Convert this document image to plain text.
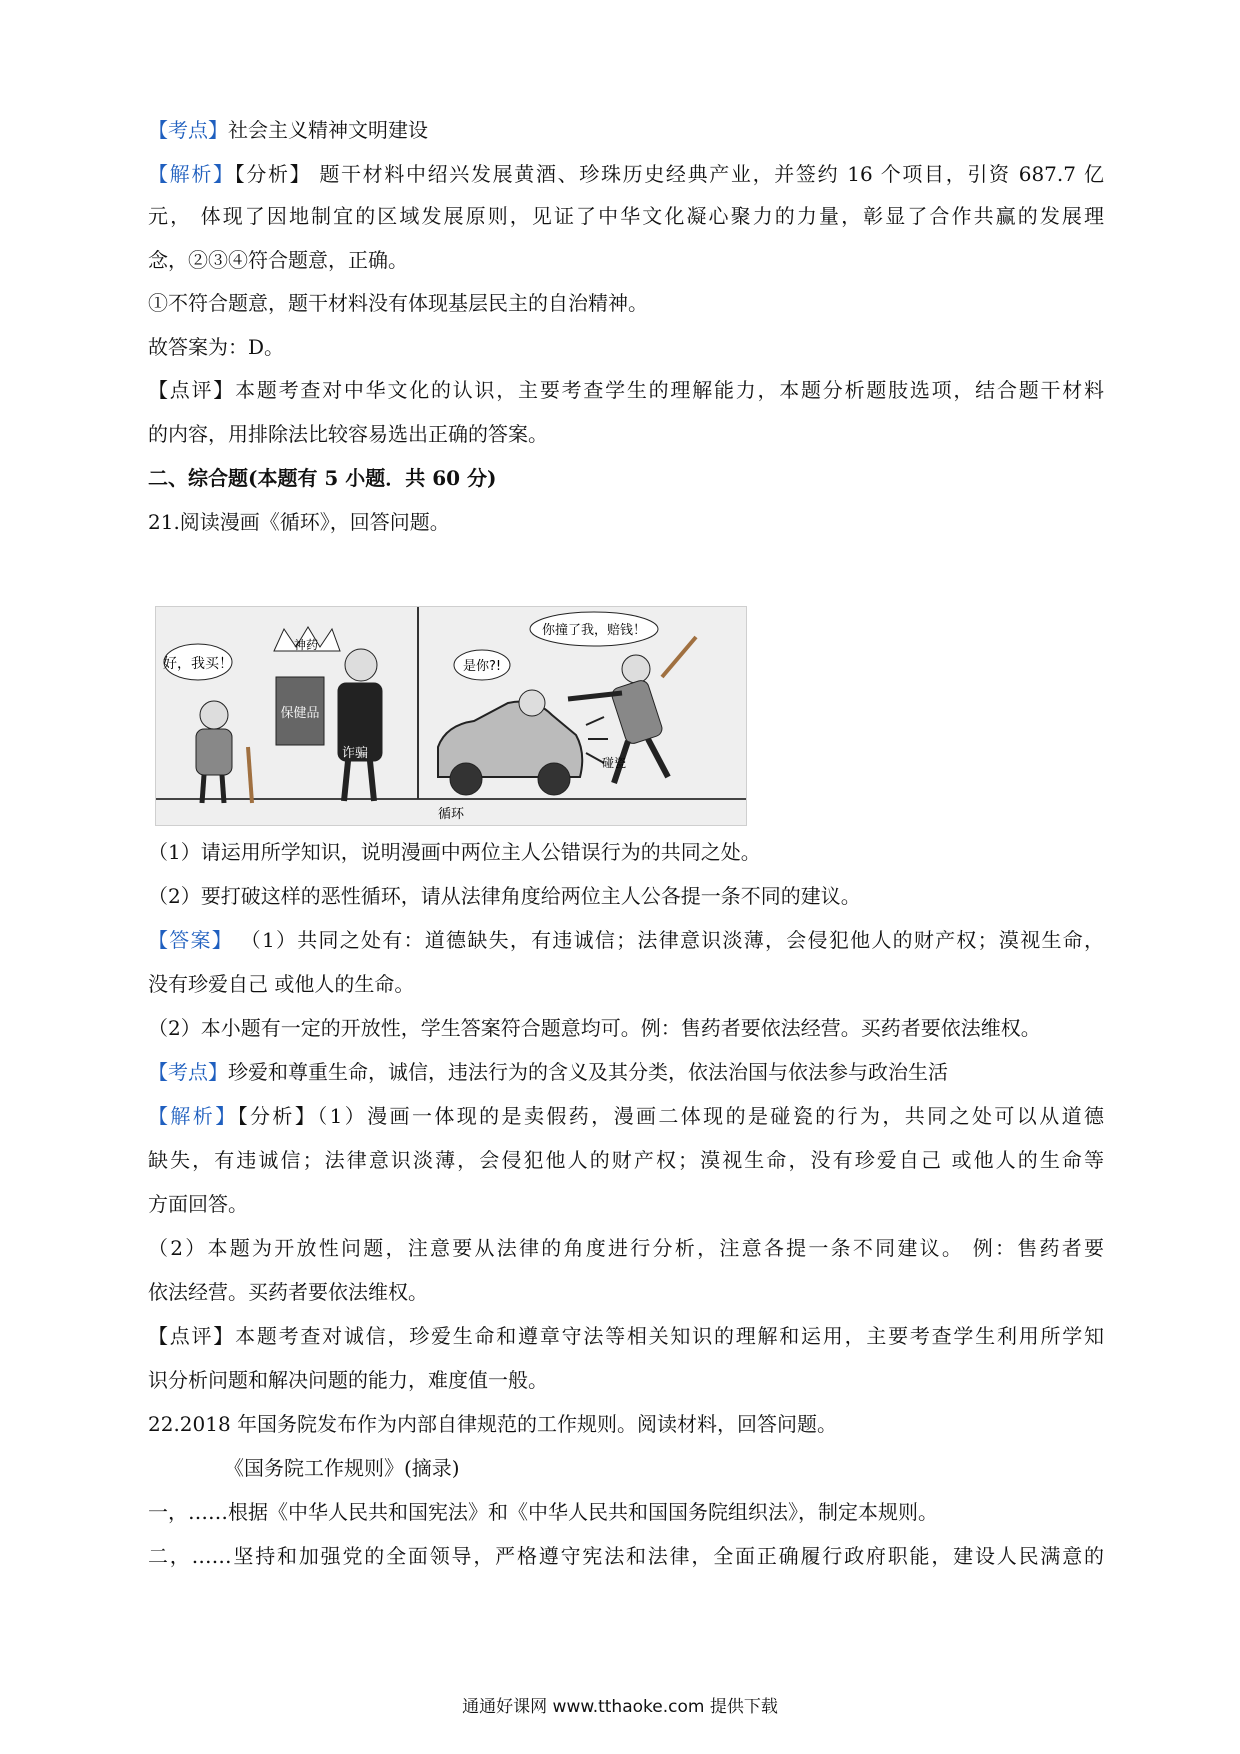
【考点】社会主义精神文明建设
【解析】【分析】 题干材料中绍兴发展黄酒、珍珠历史经典产业，并签约 16 个项目，引资 687.7 亿
元， 体现了因地制宜的区域发展原则，见证了中华文化凝心聚力的力量，彰显了合作共赢的发展理
念，②③④符合题意，正确。
①不符合题意，题干材料没有体现基层民主的自治精神。
故答案为：D。
【点评】本题考查对中华文化的认识，主要考查学生的理解能力，本题分析题肢选项，结合题干材料
的内容，用排除法比较容易选出正确的答案。
二、综合题(本题有 5 小题．共 60 分)
21.阅读漫画《循环》，回答问题。
好，我买！
保健品
神药
诈骗
是你?!
你撞了我，赔钱！
碰瓷
循环
（1）请运用所学知识，说明漫画中两位主人公错误行为的共同之处。
（2）要打破这样的恶性循环，请从法律角度给两位主人公各提一条不同的建议。
【答案】 （1）共同之处有：道德缺失，有违诚信；法律意识淡薄，会侵犯他人的财产权；漠视生命，
没有珍爱自己 或他人的生命。
（2）本小题有一定的开放性，学生答案符合题意均可。例：售药者要依法经营。买药者要依法维权。
【考点】珍爱和尊重生命，诚信，违法行为的含义及其分类，依法治国与依法参与政治生活
【解析】【分析】（1）漫画一体现的是卖假药，漫画二体现的是碰瓷的行为，共同之处可以从道德
缺失，有违诚信；法律意识淡薄，会侵犯他人的财产权；漠视生命，没有珍爱自己 或他人的生命等
方面回答。
（2）本题为开放性问题，注意要从法律的角度进行分析，注意各提一条不同建议。 例：售药者要
依法经营。买药者要依法维权。
【点评】本题考查对诚信，珍爱生命和遵章守法等相关知识的理解和运用，主要考查学生利用所学知
识分析问题和解决问题的能力，难度值一般。
22.2018 年国务院发布作为内部自律规范的工作规则。阅读材料，回答问题。
《国务院工作规则》(摘录)
一，……根据《中华人民共和国宪法》和《中华人民共和国国务院组织法》，制定本规则。
二，……坚持和加强党的全面领导，严格遵守宪法和法律，全面正确履行政府职能，建设人民满意的
通通好课网 www.tthaoke.com 提供下载
